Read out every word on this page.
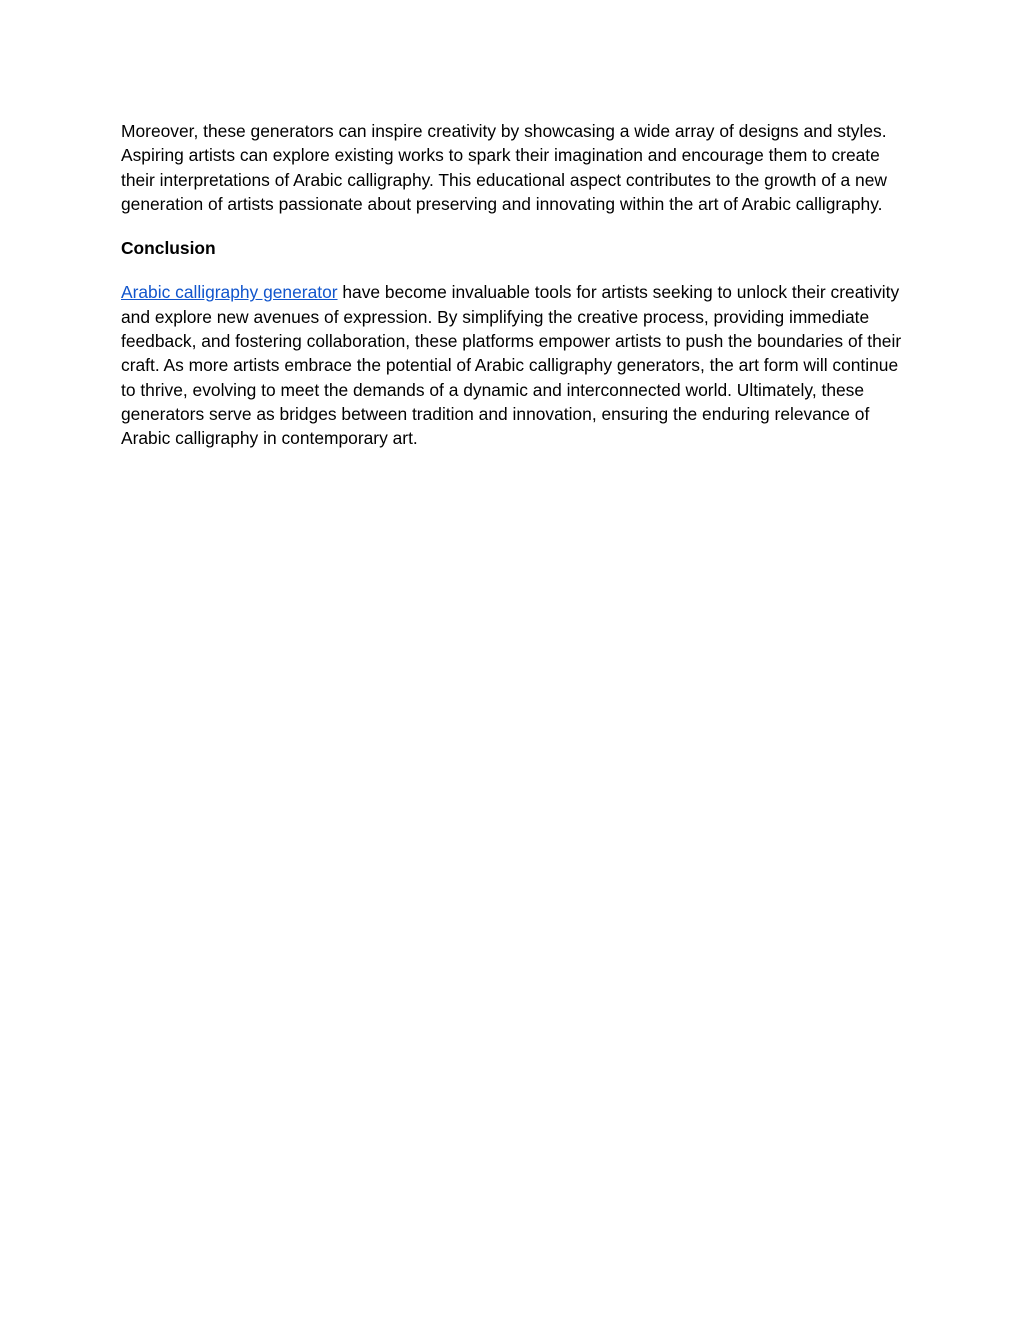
Moreover, these generators can inspire creativity by showcasing a wide array of designs and styles. Aspiring artists can explore existing works to spark their imagination and encourage them to create their interpretations of Arabic calligraphy. This educational aspect contributes to the growth of a new generation of artists passionate about preserving and innovating within the art of Arabic calligraphy.

Conclusion

Arabic calligraphy generator have become invaluable tools for artists seeking to unlock their creativity and explore new avenues of expression. By simplifying the creative process, providing immediate feedback, and fostering collaboration, these platforms empower artists to push the boundaries of their craft. As more artists embrace the potential of Arabic calligraphy generators, the art form will continue to thrive, evolving to meet the demands of a dynamic and interconnected world. Ultimately, these generators serve as bridges between tradition and innovation, ensuring the enduring relevance of Arabic calligraphy in contemporary art.
